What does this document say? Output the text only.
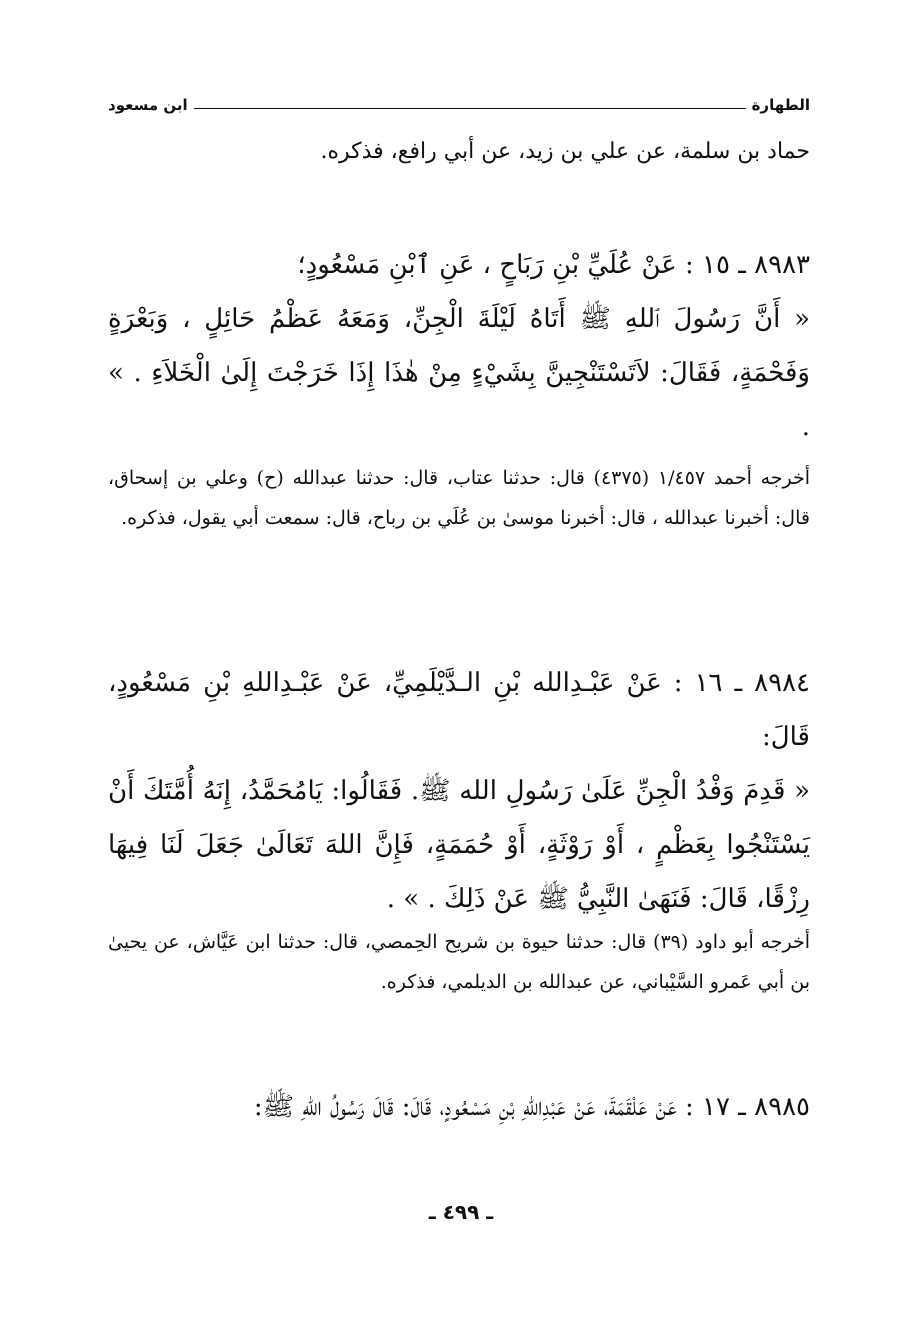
الطهارة
ابن مسعود

حماد بن سلمة، عن علي بن زيد، عن أبي رافع، فذكره.

٨٩٨٣ ـ ١٥ : عَنْ عُلَيِّ بْنِ رَبَاحٍ ، عَنِ ٱبْنِ مَسْعُودٍ؛

« أَنَّ رَسُولَ ٱللهِ ﷺ أَتَاهُ لَيْلَةَ الْجِنِّ، وَمَعَهُ عَظْمُ حَائِلٍ ، وَبَعْرَةٍ وَفَحْمَةٍ، فَقَالَ: لاَتَسْتَنْجِينَّ بِشَيْءٍ مِنْ هٰذَا إِذَا خَرَجْتَ إِلَىٰ الْخَلاَءِ . » .

أخرجه أحمد ١/٤٥٧ (٤٣٧٥) قال: حدثنا عتاب، قال: حدثنا عبدالله (ح) وعلي بن إسحاق، قال: أخبرنا عبدالله ، قال: أخبرنا موسىٰ بن عُلَي بن رباح، قال: سمعت أبي يقول، فذكره.

٨٩٨٤ ـ ١٦ : عَنْ عَبْـدِالله بْنِ الـدَّيْلَمِيِّ، عَنْ عَبْـدِاللهِ بْنِ مَسْعُودٍ، قَالَ:

« قَدِمَ وَفْدُ الْجِنِّ عَلَىٰ رَسُولِ الله ﷺ. فَقَالُوا: يَامُحَمَّدُ، إِنَهُ أُمَّتَكَ أَنْ يَسْتَنْجُوا بِعَظْمٍ ، أَوْ رَوْثَةٍ، أَوْ حُمَمَةٍ، فَإِنَّ اللهَ تَعَالَىٰ جَعَلَ لَنَا فِيهَا رِزْقًا، قَالَ: فَنَهَىٰ النَّبِيُّ ﷺ عَنْ ذَلِكَ . » .

أخرجه أبو داود (٣٩) قال: حدثنا حيوة بن شريح الحِمصي، قال: حدثنا ابن عَيَّاش، عن يحيىٰ بن أبي عَمرو السَّيْباني، عن عبدالله بن الديلمي، فذكره.

٨٩٨٥ ـ ١٧ : عَنْ عَلْقَمَةَ، عَنْ عَبْدِاللهِ بْنِ مَسْعُودٍ، قَالَ: قَالَ رَسُولُ اللهِ ﷺ:

ـ ٤٩٩ ـ
